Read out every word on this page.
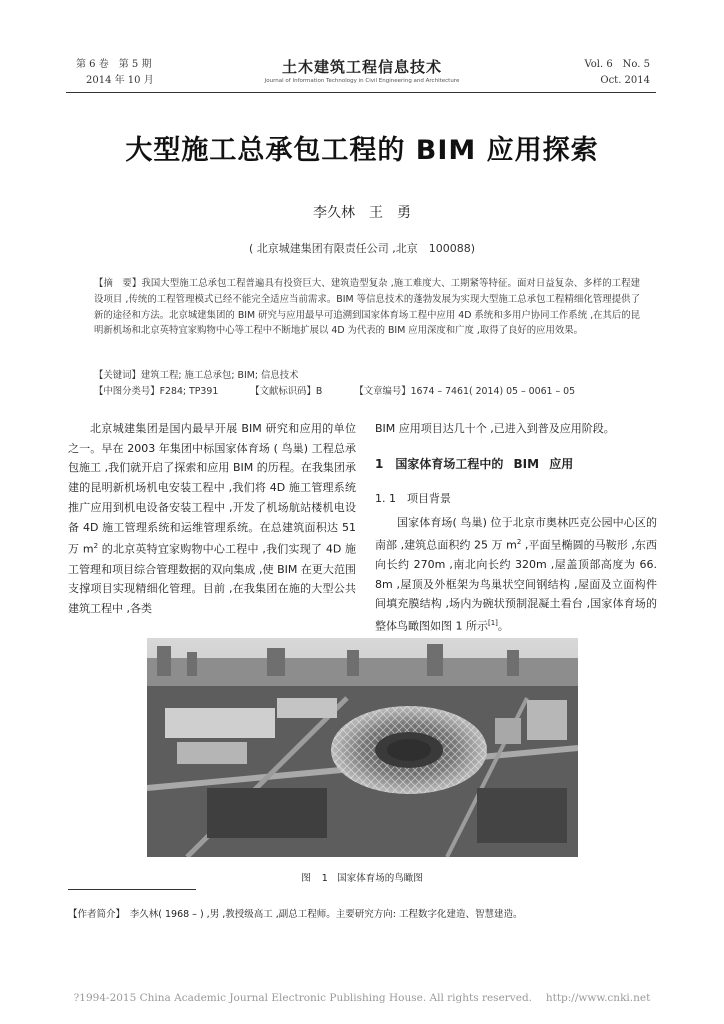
第 6 卷　第 5 期
2014 年 10 月
土木建筑工程信息技术
Journal of Information Technology in Civil Engineering and Architecture
Vol. 6　No. 5
Oct. 2014
大型施工总承包工程的 BIM 应用探索
李久林　王　勇
( 北京城建集团有限责任公司 ,北京　100088)
【摘　要】我国大型施工总承包工程普遍具有投资巨大、建筑造型复杂 ,施工难度大、工期紧等特征。面对日益复杂、多样的工程建设项目 ,传统的工程管理模式已经不能完全适应当前需求。BIM 等信息技术的蓬勃发展为实现大型施工总承包工程精细化管理提供了新的途径和方法。北京城建集团的 BIM 研究与应用最早可追溯到国家体育场工程中应用 4D 系统和多用户协同工作系统 ,在其后的昆明新机场和北京英特宜家购物中心等工程中不断地扩展以 4D 为代表的 BIM 应用深度和广度 ,取得了良好的应用效果。
【关键词】建筑工程; 施工总承包; BIM; 信息技术
【中图分类号】F284; TP391	【文献标识码】B	【文章编号】1674 – 7461( 2014) 05 – 0061 – 05
北京城建集团是国内最早开展 BIM 研究和应用的单位之一。早在 2003 年集团中标国家体育场 ( 鸟巢) 工程总承包施工 ,我们就开启了探索和应用 BIM 的历程。在我集团承建的昆明新机场机电安装工程中 ,我们将 4D 施工管理系统推广应用到机电设备安装工程中 ,开发了机场航站楼机电设备 4D 施工管理系统和运维管理系统。在总建筑面积达 51 万 $m^2$ 的北京英特宜家购物中心工程中 ,我们实现了 4D 施工管理和项目综合管理数据的双向集成 ,使 BIM 在更大范围支撑项目实现精细化管理。目前 ,在我集团在施的大型公共建筑工程中 ,各类
BIM 应用项目达几十个 ,已进入到普及应用阶段。
1　国家体育场工程中的 BIM 应用
1. 1　项目背景
国家体育场( 鸟巢) 位于北京市奥林匹克公园中心区的南部 ,建筑总面积约 25 万 $m^2$ ,平面呈椭圆的马鞍形 ,东西向长约 270m ,南北向长约 320m ,屋盖顶部高度为 66. 8m ,屋顶及外框架为鸟巢状空间钢结构 ,屋面及立面构件间填充膜结构 ,场内为碗状预制混凝土看台 ,国家体育场的整体鸟瞰图如图 1 所示[1]。
图 1　国家体育场的鸟瞰图
【作者简介】　李久林( 1968 – ) ,男 ,教授级高工 ,副总工程师。主要研究方向: 工程数字化建造、智慧建造。
?1994-2015 China Academic Journal Electronic Publishing House. All rights reserved.　 http://www.cnki.net
